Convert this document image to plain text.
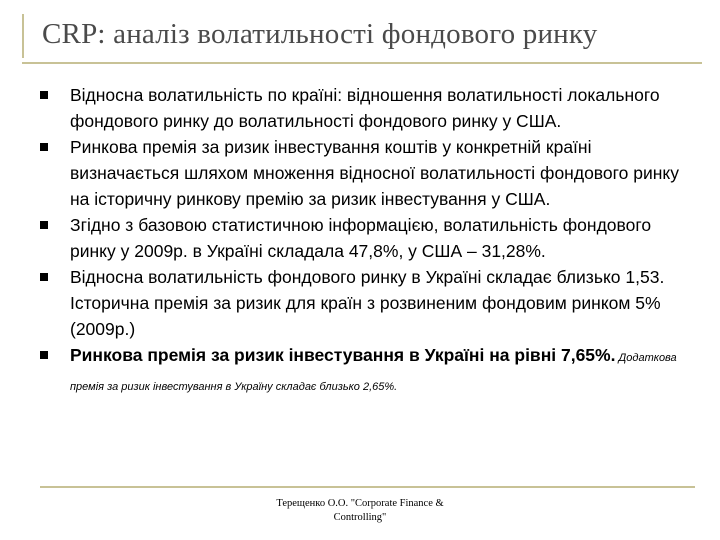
CRP: аналіз волатильності фондового ринку
Відносна волатильність по країні: відношення волатильності локального фондового ринку до волатильності фондового ринку у США.
Ринкова премія за ризик інвестування коштів у конкретній країні визначається шляхом множення відносної волатильності фондового ринку на історичну ринкову премію за ризик інвестування у США.
Згідно з базовою статистичною інформацією, волатильність фондового ринку у 2009р. в Україні складала 47,8%, у США – 31,28%.
Відносна волатильність фондового ринку в Україні складає близько 1,53. Історична премія за ризик для країн з розвиненим фондовим ринком 5% (2009р.)
Ринкова премія за ризик інвестування в Україні на рівні 7,65%. Додаткова премія за ризик інвестування в Україну складає близько 2,65%.
Терещенко О.О. "Corporate Finance &
Controlling"
